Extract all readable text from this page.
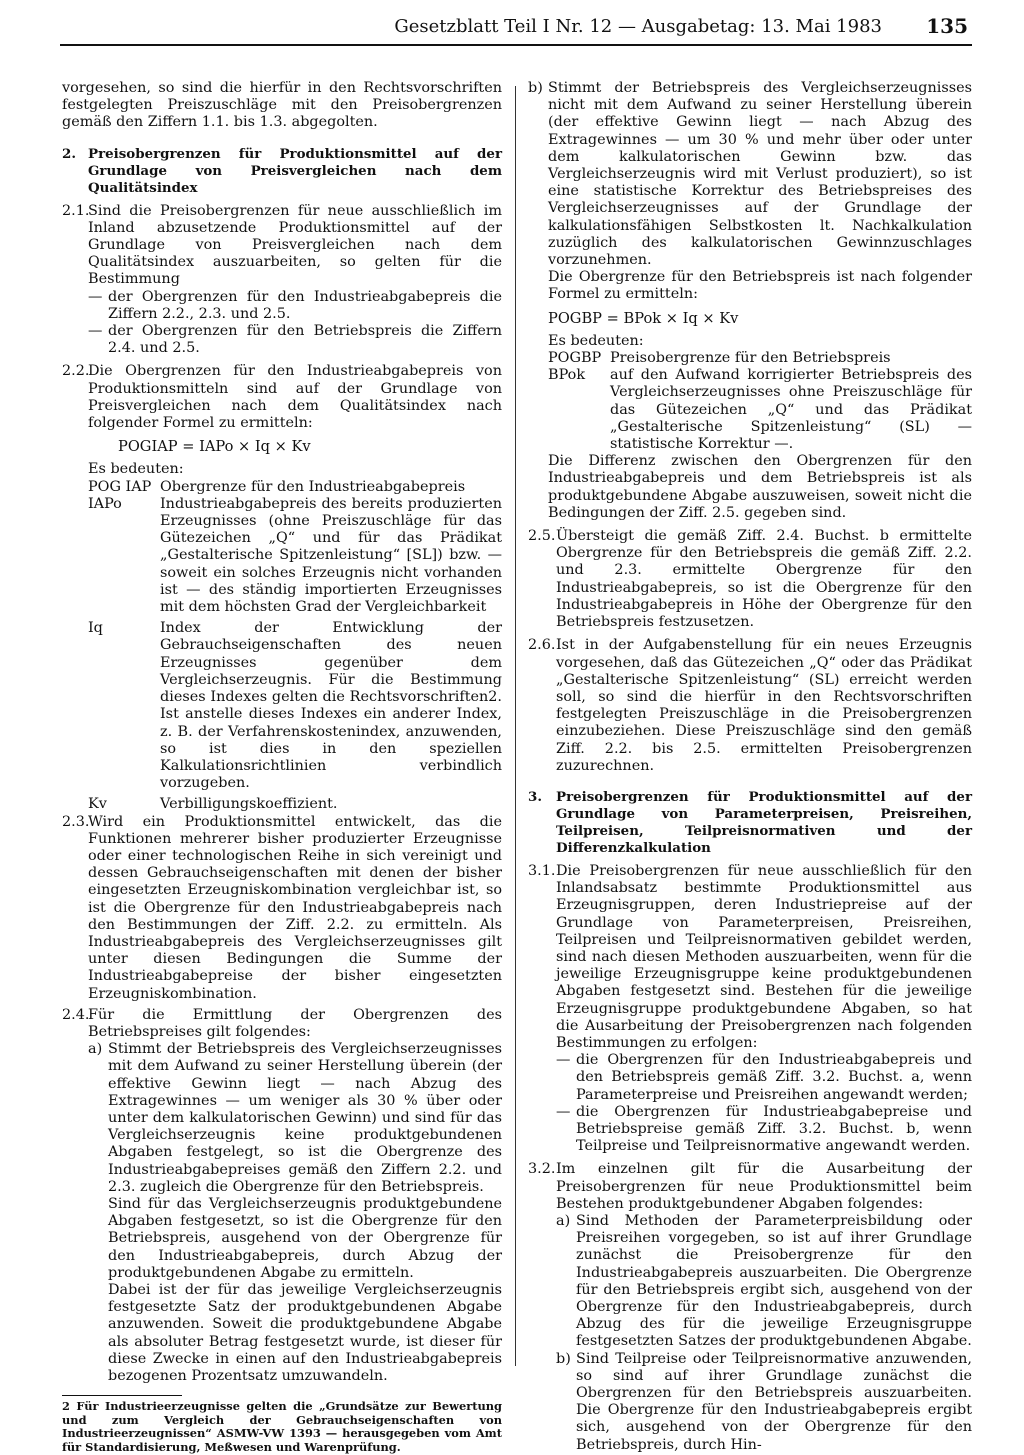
Gesetzblatt Teil I Nr. 12 — Ausgabetag: 13. Mai 1983 135

vorgesehen, so sind die hierfür in den Rechtsvorschriften festgelegten Preiszuschläge mit den Preisobergrenzen gemäß den Ziffern 1.1. bis 1.3. abgegolten.

2. Preisobergrenzen für Produktionsmittel auf der Grundlage von Preisvergleichen nach dem Qualitätsindex
2.1.

Sind die Preisobergrenzen für neue ausschließlich im Inland abzusetzende Produktionsmittel auf der Grundlage von Preisvergleichen nach dem Qualitätsindex auszuarbeiten, so gelten für die Bestimmung

— der Obergrenzen für den Industrieabgabepreis die Ziffern 2.2., 2.3. und 2.5.
— der Obergrenzen für den Betriebspreis die Ziffern 2.4. und 2.5.
2.2.

Die Obergrenzen für den Industrieabgabepreis von Produktionsmitteln sind auf der Grundlage von Preisvergleichen nach dem Qualitätsindex nach folgender Formel zu ermitteln:

POGIAP = IAPo × Iq × Kv

Es bedeuten:

POG IAP Obergrenze für den Industrieabgabepreis
IAPo	Industrieabgabepreis des bereits produzierten Erzeugnisses (ohne Preiszuschläge für das Gütezeichen „Q“ und für das Prädikat „Gestalterische Spitzenleistung“ [SL]) bzw. — soweit ein solches Erzeugnis nicht vorhanden ist — des ständig importierten Erzeugnisses mit dem höchsten Grad der Vergleichbarkeit
Iq	Index der Entwicklung der Gebrauchseigenschaften des neuen Erzeugnisses gegenüber dem Vergleichserzeugnis. Für die Bestimmung dieses Indexes gelten die Rechtsvorschriften2. Ist anstelle dieses Indexes ein anderer Index, z. B. der Verfahrenskostenindex, anzuwenden, so ist dies in den speziellen Kalkulationsrichtlinien verbindlich vorzugeben.
Kv	Verbilligungskoeffizient.
2.3.

Wird ein Produktionsmittel entwickelt, das die Funktionen mehrerer bisher produzierter Erzeugnisse oder einer technologischen Reihe in sich vereinigt und dessen Gebrauchseigenschaften mit denen der bisher eingesetzten Erzeugniskombination vergleichbar ist, so ist die Obergrenze für den Industrieabgabepreis nach den Bestimmungen der Ziff. 2.2. zu ermitteln. Als Industrieabgabepreis des Vergleichserzeugnisses gilt unter diesen Bedingungen die Summe der Industrieabgabepreise der bisher eingesetzten Erzeugniskombination.

2.4.

Für die Ermittlung der Obergrenzen des Betriebspreises gilt folgendes:

a) Stimmt der Betriebspreis des Vergleichserzeugnisses mit dem Aufwand zu seiner Herstellung überein (der effektive Gewinn liegt — nach Abzug des Extragewinnes — um weniger als 30 % über oder unter dem kalkulatorischen Gewinn) und sind für das Vergleichserzeugnis keine produktgebundenen Abgaben festgelegt, so ist die Obergrenze des Industrieabgabepreises gemäß den Ziffern 2.2. und 2.3. zugleich die Obergrenze für den Betriebspreis.

Sind für das Vergleichserzeugnis produktgebundene Abgaben festgesetzt, so ist die Obergrenze für den Betriebspreis, ausgehend von der Obergrenze für den Industrieabgabepreis, durch Abzug der produktgebundenen Abgabe zu ermitteln.

Dabei ist der für das jeweilige Vergleichserzeugnis festgesetzte Satz der produktgebundenen Abgabe anzuwenden. Soweit die produktgebundene Abgabe als absoluter Betrag festgesetzt wurde, ist dieser für diese Zwecke in einen auf den Industrieabgabepreis bezogenen Prozentsatz umzuwandeln.

2 Für Industrieerzeugnisse gelten die „Grundsätze zur Bewertung und zum Vergleich der Gebrauchseigenschaften von Industrieerzeugnissen“ ASMW-VW 1393 — herausgegeben vom Amt für Standardisierung, Meßwesen und Warenprüfung.

b) Stimmt der Betriebspreis des Vergleichserzeugnisses nicht mit dem Aufwand zu seiner Herstellung überein (der effektive Gewinn liegt — nach Abzug des Extragewinnes — um 30 % und mehr über oder unter dem kalkulatorischen Gewinn bzw. das Vergleichserzeugnis wird mit Verlust produziert), so ist eine statistische Korrektur des Betriebspreises des Vergleichserzeugnisses auf der Grundlage der kalkulationsfähigen Selbstkosten lt. Nachkalkulation zuzüglich des kalkulatorischen Gewinnzuschlages vorzunehmen.

Die Obergrenze für den Betriebspreis ist nach folgender Formel zu ermitteln:

POGBP = BPok × Iq × Kv

Es bedeuten:

POGBP Preisobergrenze für den Betriebspreis
BPok	auf den Aufwand korrigierter Betriebspreis des Vergleichserzeugnisses ohne Preiszuschläge für das Gütezeichen „Q“ und das Prädikat „Gestalterische Spitzenleistung“ (SL) — statistische Korrektur —.

Die Differenz zwischen den Obergrenzen für den Industrieabgabepreis und dem Betriebspreis ist als produktgebundene Abgabe auszuweisen, soweit nicht die Bedingungen der Ziff. 2.5. gegeben sind.

2.5. Übersteigt die gemäß Ziff. 2.4. Buchst. b ermittelte Obergrenze für den Betriebspreis die gemäß Ziff. 2.2. und 2.3. ermittelte Obergrenze für den Industrieabgabepreis, so ist die Obergrenze für den Industrieabgabepreis in Höhe der Obergrenze für den Betriebspreis festzusetzen.

2.6. Ist in der Aufgabenstellung für ein neues Erzeugnis vorgesehen, daß das Gütezeichen „Q“ oder das Prädikat „Gestalterische Spitzenleistung“ (SL) erreicht werden soll, so sind die hierfür in den Rechtsvorschriften festgelegten Preiszuschläge in die Preisobergrenzen einzubeziehen. Diese Preiszuschläge sind den gemäß Ziff. 2.2. bis 2.5. ermittelten Preisobergrenzen zuzurechnen.

3.	Preisobergrenzen für Produktionsmittel auf der Grundlage von Parameterpreisen, Preisreihen, Teilpreisen, Teilpreisnormativen und der Differenzkalkulation
3.1. Die Preisobergrenzen für neue ausschließlich für den Inlandsabsatz bestimmte Produktionsmittel aus Erzeugnisgruppen, deren Industriepreise auf der Grundlage von Parameterpreisen, Preisreihen, Teilpreisen und Teilpreisnormativen gebildet werden, sind nach diesen Methoden auszuarbeiten, wenn für die jeweilige Erzeugnisgruppe keine produktgebundenen Abgaben festgesetzt sind. Bestehen für die jeweilige Erzeugnisgruppe produktgebundene Abgaben, so hat die Ausarbeitung der Preisobergrenzen nach folgenden Bestimmungen zu erfolgen:

— die Obergrenzen für den Industrieabgabepreis und den Betriebspreis gemäß Ziff. 3.2. Buchst. a, wenn Parameterpreise und Preisreihen angewandt werden;
— die Obergrenzen für Industrieabgabepreise und Betriebspreise gemäß Ziff. 3.2. Buchst. b, wenn Teilpreise und Teilpreisnormative angewandt werden.
3.2. Im einzelnen gilt für die Ausarbeitung der Preisobergrenzen für neue Produktionsmittel beim Bestehen produktgebundener Abgaben folgendes:

a) Sind Methoden der Parameterpreisbildung oder Preisreihen vorgegeben, so ist auf ihrer Grundlage zunächst die Preisobergrenze für den Industrieabgabepreis auszuarbeiten. Die Obergrenze für den Betriebspreis ergibt sich, ausgehend von der Obergrenze für den Industrieabgabepreis, durch Abzug des für die jeweilige Erzeugnisgruppe festgesetzten Satzes der produktgebundenen Abgabe.

b) Sind Teilpreise oder Teilpreisnormative anzuwenden, so sind auf ihrer Grundlage zunächst die Obergrenzen für den Betriebspreis auszuarbeiten. Die Obergrenze für den Industrieabgabepreis ergibt sich, ausgehend von der Obergrenze für den Betriebspreis, durch Hin-
